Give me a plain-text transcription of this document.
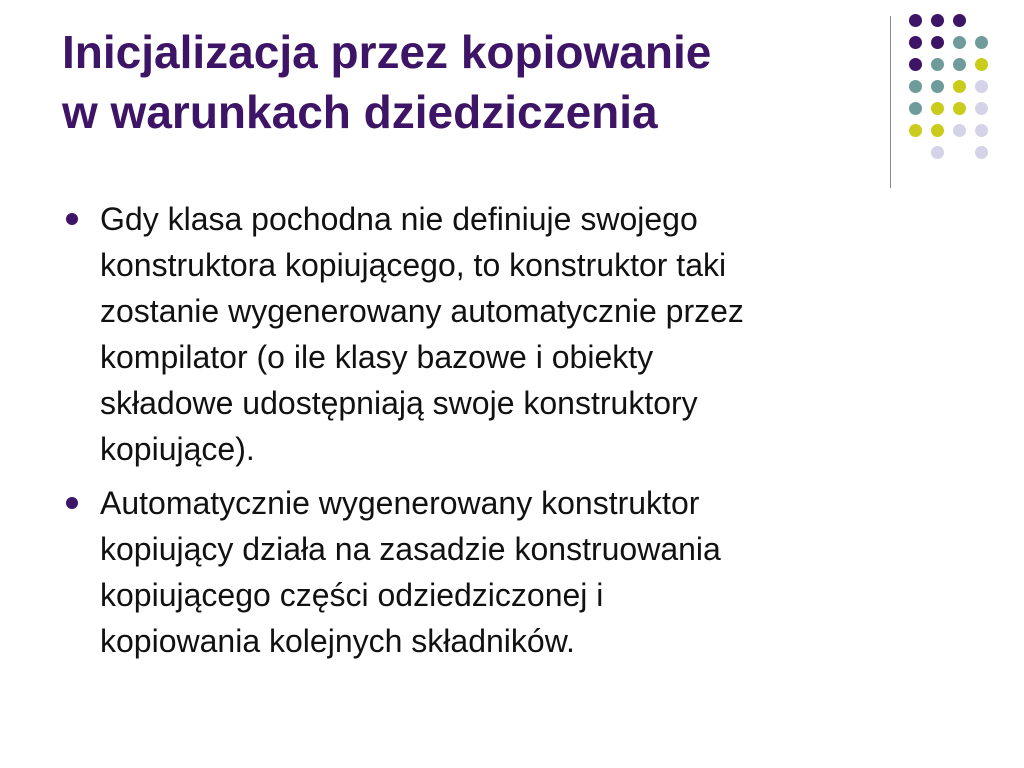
Inicjalizacja przez kopiowanie
w warunkach dziedziczenia
Gdy klasa pochodna nie definiuje swojego
konstruktora kopiującego, to konstruktor taki
zostanie wygenerowany automatycznie przez
kompilator (o ile klasy bazowe i obiekty
składowe udostępniają swoje konstruktory
kopiujące).
Automatycznie wygenerowany konstruktor
kopiujący działa na zasadzie konstruowania
kopiującego części odziedziczonej i
kopiowania kolejnych składników.
